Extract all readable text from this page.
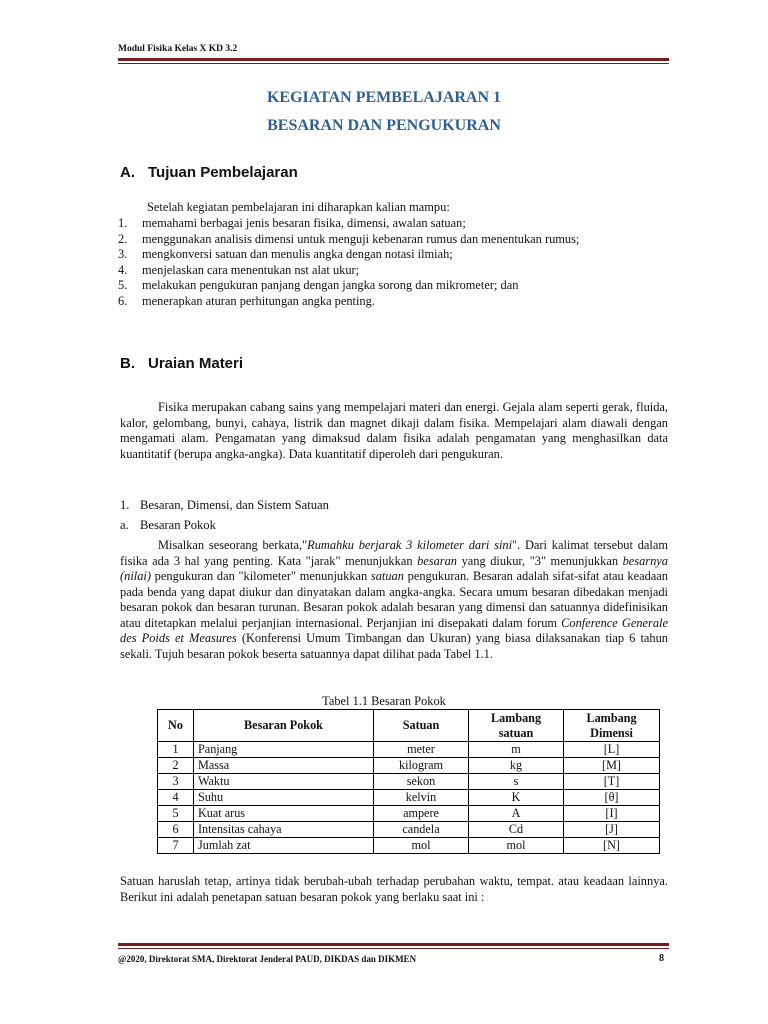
Modul Fisika Kelas X KD 3.2
KEGIATAN PEMBELAJARAN 1
BESARAN DAN PENGUKURAN
A. Tujuan Pembelajaran
Setelah kegiatan pembelajaran ini diharapkan kalian mampu:
1. memahami berbagai jenis besaran fisika, dimensi, awalan satuan;
2. menggunakan analisis dimensi untuk menguji kebenaran rumus dan menentukan rumus;
3. mengkonversi satuan dan menulis angka dengan notasi ilmiah;
4. menjelaskan cara menentukan nst alat ukur;
5. melakukan pengukuran panjang dengan jangka sorong dan mikrometer; dan
6. menerapkan aturan perhitungan angka penting.
B. Uraian Materi

Fisika merupakan cabang sains yang mempelajari materi dan energi. Gejala alam seperti gerak, fluida, kalor, gelombang, bunyi, cahaya, listrik dan magnet dikaji dalam fisika. Mempelajari alam diawali dengan mengamati alam. Pengamatan yang dimaksud dalam fisika adalah pengamatan yang menghasilkan data kuantitatif (berupa angka-angka). Data kuantitatif diperoleh dari pengukuran.

1. Besaran, Dimensi, dan Sistem Satuan
a. Besaran Pokok

Misalkan seseorang berkata,"Rumahku berjarak 3 kilometer dari sini". Dari kalimat tersebut dalam fisika ada 3 hal yang penting. Kata "jarak" menunjukkan besaran yang diukur, "3" menunjukkan besarnya (nilai) pengukuran dan "kilometer" menunjukkan satuan pengukuran. Besaran adalah sifat-sifat atau keadaan pada benda yang dapat diukur dan dinyatakan dalam angka-angka. Secara umum besaran dibedakan menjadi besaran pokok dan besaran turunan. Besaran pokok adalah besaran yang dimensi dan satuannya didefinisikan atau ditetapkan melalui perjanjian internasional. Perjanjian ini disepakati dalam forum Conference Generale des Poids et Measures (Konferensi Umum Timbangan dan Ukuran) yang biasa dilaksanakan tiap 6 tahun sekali. Tujuh besaran pokok beserta satuannya dapat dilihat pada Tabel 1.1.

Tabel 1.1 Besaran Pokok
No	Besaran Pokok	Satuan	Lambang satuan	Lambang Dimensi
1	Panjang	meter	m	[L]
2	Massa	kilogram	kg	[M]
3	Waktu	sekon	s	[T]
4	Suhu	kelvin	K	[θ]
5	Kuat arus	ampere	A	[I]
6	Intensitas cahaya	candela	Cd	[J]
7	Jumlah zat	mol	mol	[N]

Satuan haruslah tetap, artinya tidak berubah-ubah terhadap perubahan waktu, tempat. atau keadaan lainnya. Berikut ini adalah penetapan satuan besaran pokok yang berlaku saat ini :

@2020, Direktorat SMA, Direktorat Jenderal PAUD, DIKDAS dan DIKMEN	8
